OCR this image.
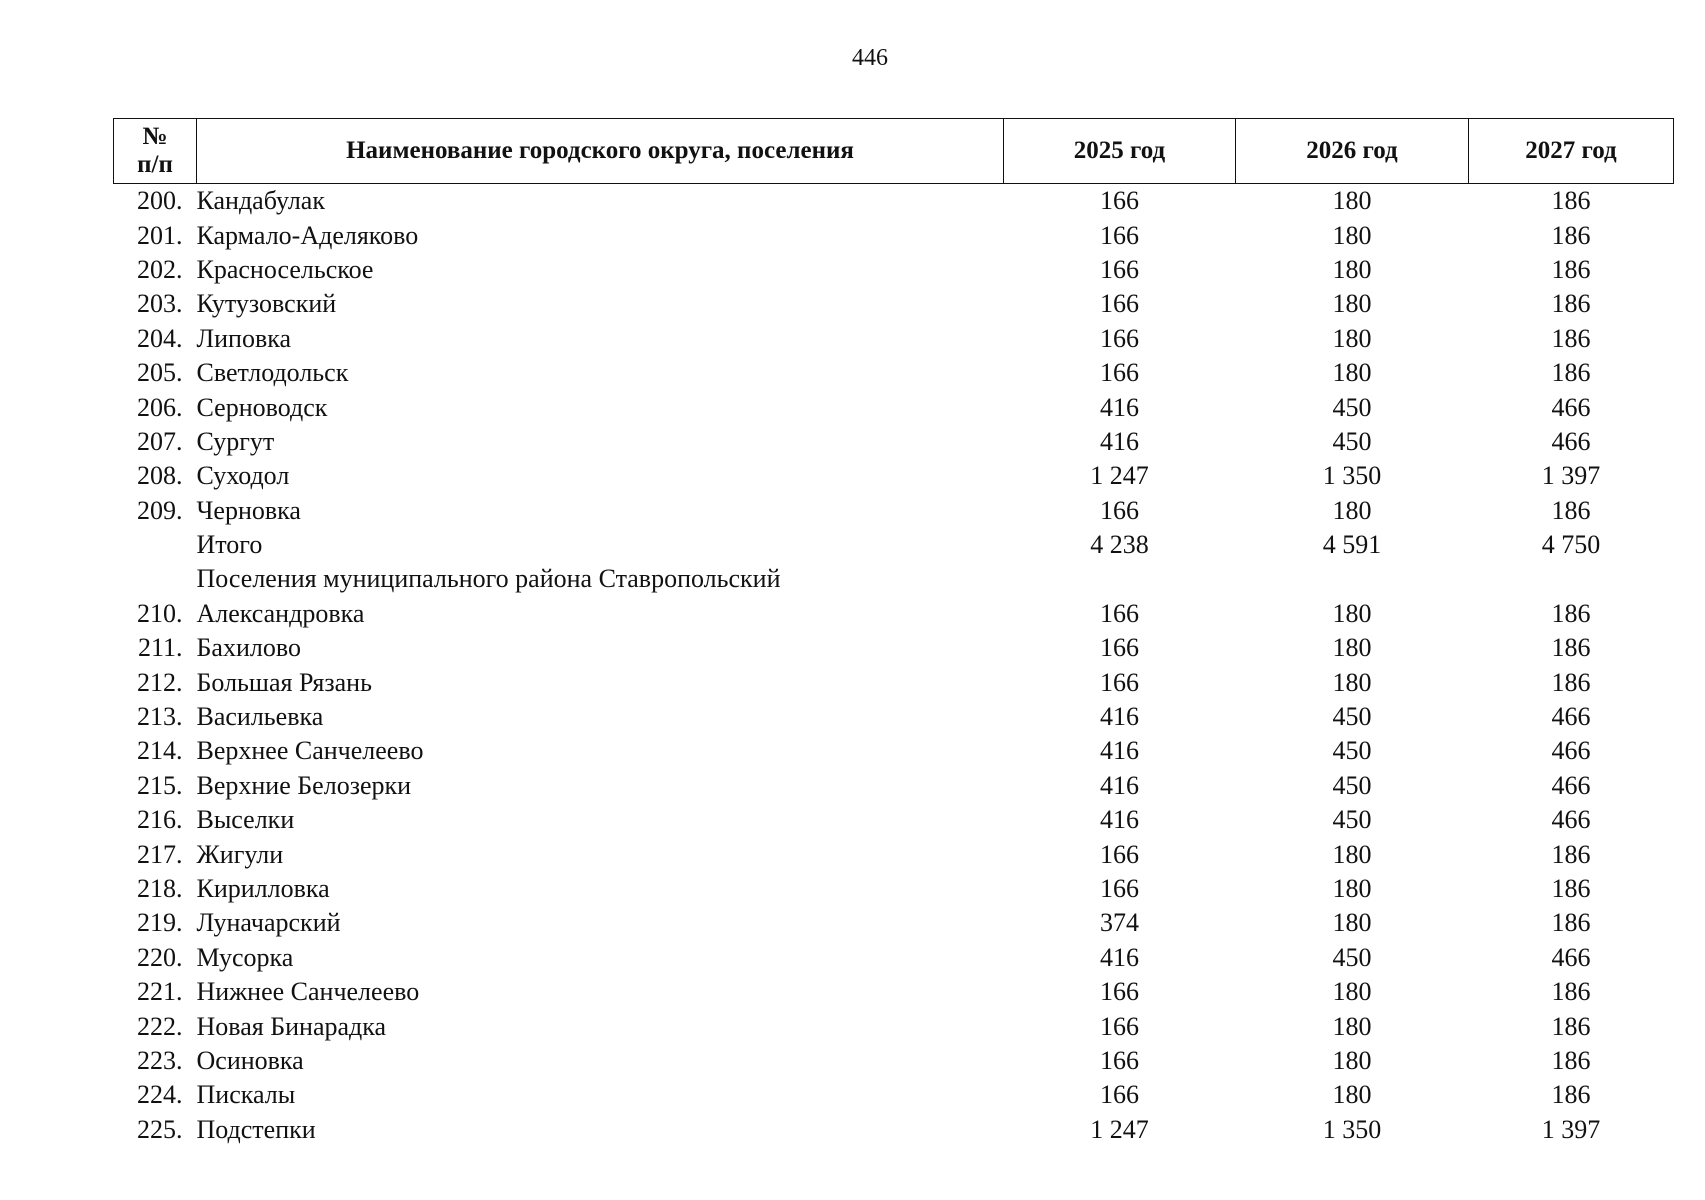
446
№ п/п	Наименование городского округа, поселения	2025 год	2026 год	2027 год
200.	Кандабулак	166	180	186
201.	Кармало-Аделяково	166	180	186
202.	Красносельское	166	180	186
203.	Кутузовский	166	180	186
204.	Липовка	166	180	186
205.	Светлодольск	166	180	186
206.	Серноводск	416	450	466
207.	Сургут	416	450	466
208.	Суходол	1 247	1 350	1 397
209.	Черновка	166	180	186
	Итого	4 238	4 591	4 750
	Поселения муниципального района Ставропольский			
210.	Александровка	166	180	186
211.	Бахилово	166	180	186
212.	Большая Рязань	166	180	186
213.	Васильевка	416	450	466
214.	Верхнее Санчелеево	416	450	466
215.	Верхние Белозерки	416	450	466
216.	Выселки	416	450	466
217.	Жигули	166	180	186
218.	Кирилловка	166	180	186
219.	Луначарский	374	180	186
220.	Мусорка	416	450	466
221.	Нижнее Санчелеево	166	180	186
222.	Новая Бинарадка	166	180	186
223.	Осиновка	166	180	186
224.	Пискалы	166	180	186
225.	Подстепки	1 247	1 350	1 397
